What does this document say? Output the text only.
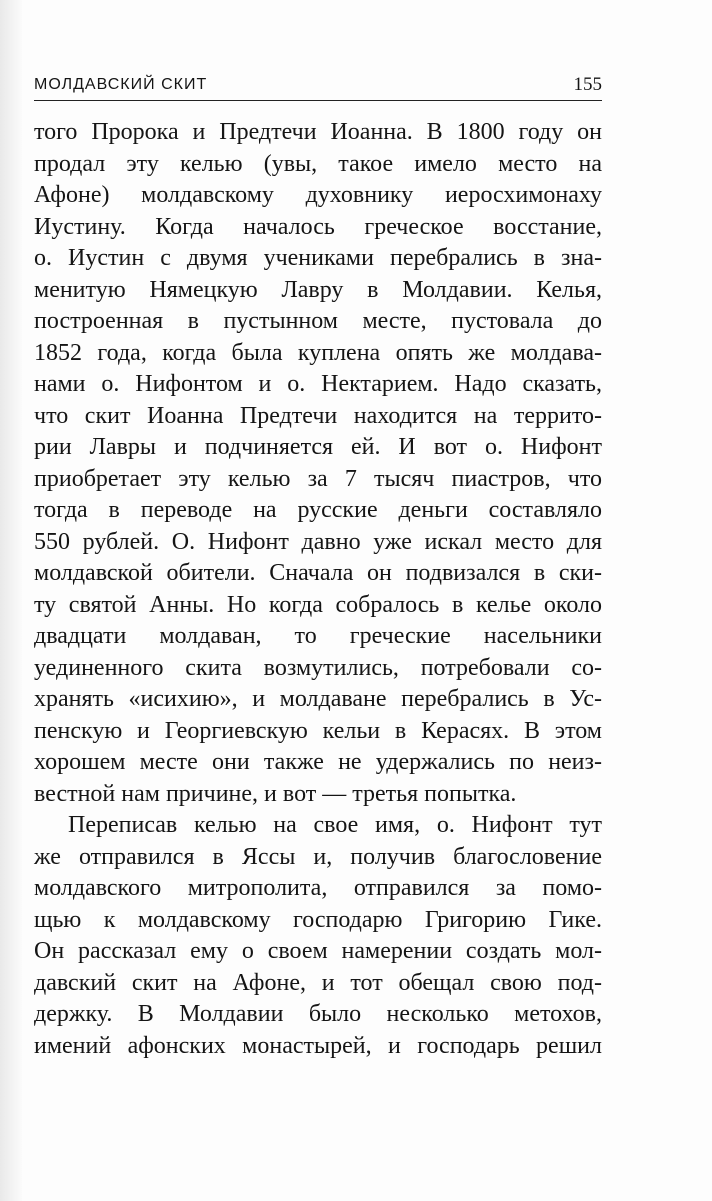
МОЛДАВСКИЙ СКИТ	155
того Пророка и Предтечи Иоанна. В 1800 году он
продал эту келью (увы, такое имело место на
Афоне) молдавскому духовнику иеросхимонаху
Иустину. Когда началось греческое восстание,
о. Иустин с двумя учениками перебрались в зна-
менитую Нямецкую Лавру в Молдавии. Келья,
построенная в пустынном месте, пустовала до
1852 года, когда была куплена опять же молдава-
нами о. Нифонтом и о. Нектарием. Надо сказать,
что скит Иоанна Предтечи находится на террито-
рии Лавры и подчиняется ей. И вот о. Нифонт
приобретает эту келью за 7 тысяч пиастров, что
тогда в переводе на русские деньги составляло
550 рублей. О. Нифонт давно уже искал место для
молдавской обители. Сначала он подвизался в ски-
ту святой Анны. Но когда собралось в келье около
двадцати молдаван, то греческие насельники
уединенного скита возмутились, потребовали со-
хранять «исихию», и молдаване перебрались в Ус-
пенскую и Георгиевскую кельи в Керасях. В этом
хорошем месте они также не удержались по неиз-
вестной нам причине, и вот — третья попытка.
Переписав келью на свое имя, о. Нифонт тут
же отправился в Яссы и, получив благословение
молдавского митрополита, отправился за помо-
щью к молдавскому господарю Григорию Гике.
Он рассказал ему о своем намерении создать мол-
давский скит на Афоне, и тот обещал свою под-
держку. В Молдавии было несколько метохов,
имений афонских монастырей, и господарь решил
